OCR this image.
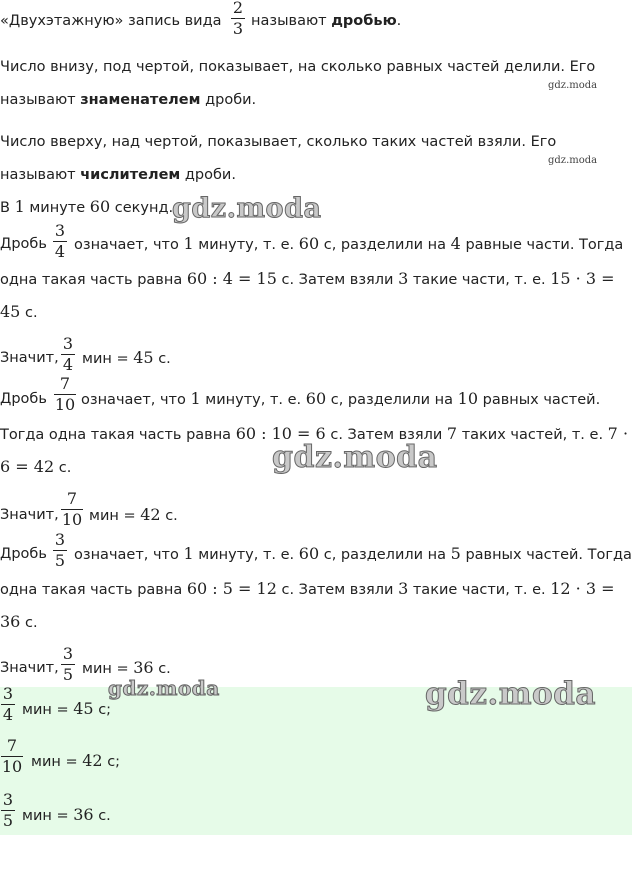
«Двухэтажную» запись вида
2
3 называют дробью.
Число внизу, под чертой, показывает, на сколько равных частей делили. Его
gdz.moda
называют знаменателем дроби.
Число вверху, над чертой, показывает, сколько таких частей взяли. Его
gdz.moda
называют числителем дроби.
В 1 минуте 60 секунд.
gdz.moda
Дробь
3
4 означает, что 1 минуту, т. е. 60 с, разделили на 4 равные части. Тогда
одна такая часть равна 60 : 4 = 15 с. Затем взяли 3 такие части, т. е. 15 · 3 =
45 с.
Значит,
3
4 мин = 45 с.
Дробь
7
10 означает, что 1 минуту, т. е. 60 с, разделили на 10 равных частей.
Тогда одна такая часть равна 60 : 10 = 6 с. Затем взяли 7 таких частей, т. е. 7 ·
6 = 42 с.	gdz.moda
Значит,
7
10 мин = 42 с.
Дробь
3
5 означает, что 1 минуту, т. е. 60 с, разделили на 5 равных частей. Тогда
одна такая часть равна 60 : 5 = 12 с. Затем взяли 3 такие части, т. е. 12 · 3 =
36 с.
Значит,
3
5 мин = 36 с.
3
4 мин = 45 с;
gdz.moda	gdz.moda
7
10 мин = 42 с;
3
5 мин = 36 с.
